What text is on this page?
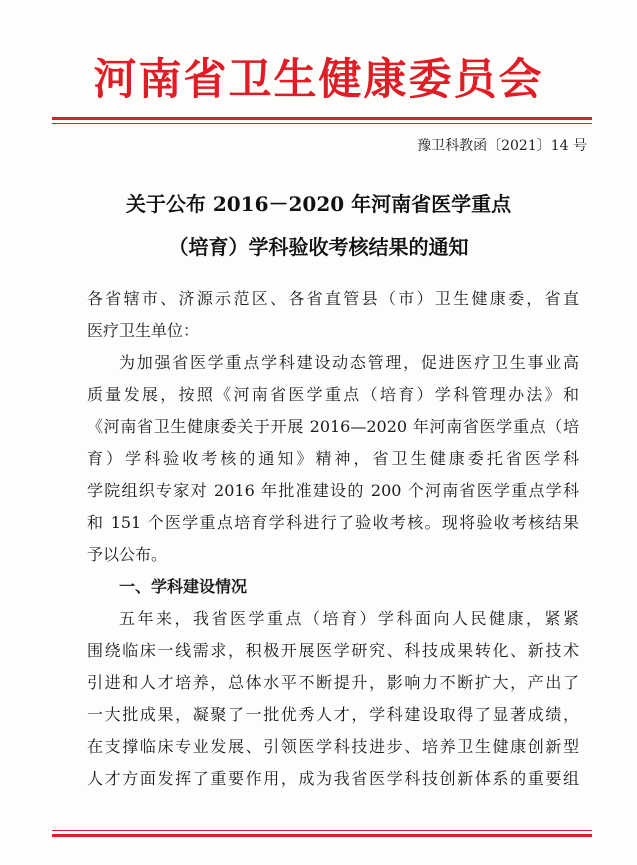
河南省卫生健康委员会
豫卫科教函〔2021〕14 号
关于公布 2016－2020 年河南省医学重点
（培育）学科验收考核结果的通知
各省辖市、济源示范区、各省直管县（市）卫生健康委，省直
医疗卫生单位：
为加强省医学重点学科建设动态管理，促进医疗卫生事业高
质量发展，按照《河南省医学重点（培育）学科管理办法》和
《河南省卫生健康委关于开展 2016—2020 年河南省医学重点（培
育）学科验收考核的通知》精神，省卫生健康委托省医学科
学院组织专家对 2016 年批准建设的 200 个河南省医学重点学科
和 151 个医学重点培育学科进行了验收考核。现将验收考核结果
予以公布。
一、学科建设情况
五年来，我省医学重点（培育）学科面向人民健康，紧紧
围绕临床一线需求，积极开展医学研究、科技成果转化、新技术
引进和人才培养，总体水平不断提升，影响力不断扩大，产出了
一大批成果，凝聚了一批优秀人才，学科建设取得了显著成绩，
在支撑临床专业发展、引领医学科技进步、培养卫生健康创新型
人才方面发挥了重要作用，成为我省医学科技创新体系的重要组
